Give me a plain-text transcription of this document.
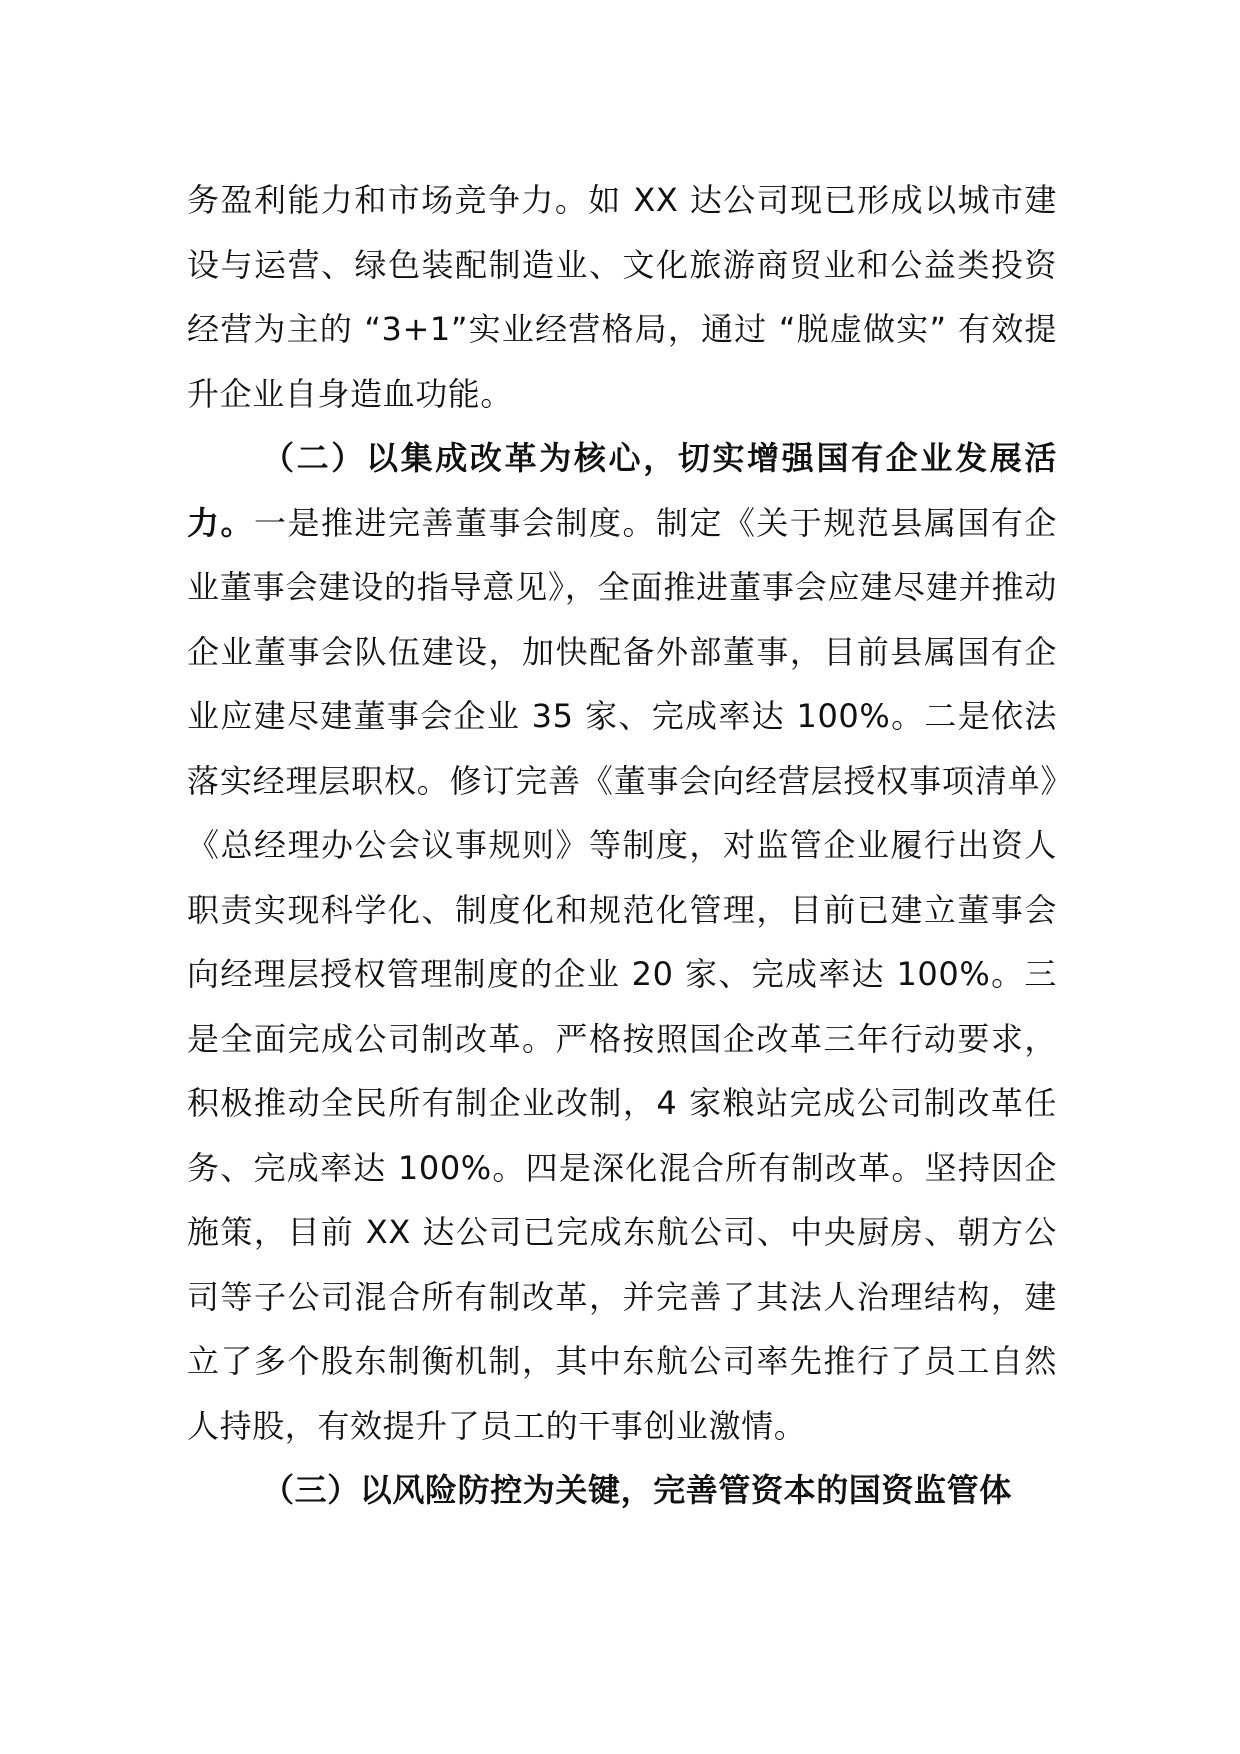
务盈利能力和市场竞争力。如 XX 达公司现已形成以城市建设与运营、绿色装配制造业、文化旅游商贸业和公益类投资经营为主的 “3+1”实业经营格局，通过 “脱虚做实” 有效提升企业自身造血功能。

（二）以集成改革为核心，切实增强国有企业发展活力。一是推进完善董事会制度。制定《关于规范县属国有企业董事会建设的指导意见》，全面推进董事会应建尽建并推动企业董事会队伍建设，加快配备外部董事，目前县属国有企业应建尽建董事会企业 35 家、完成率达 100%。二是依法落实经理层职权。修订完善《董事会向经营层授权事项清单》《总经理办公会议事规则》等制度，对监管企业履行出资人职责实现科学化、制度化和规范化管理，目前已建立董事会向经理层授权管理制度的企业 20 家、完成率达 100%。三是全面完成公司制改革。严格按照国企改革三年行动要求，积极推动全民所有制企业改制，4 家粮站完成公司制改革任务、完成率达 100%。四是深化混合所有制改革。坚持因企施策，目前 XX 达公司已完成东航公司、中央厨房、朝方公司等子公司混合所有制改革，并完善了其法人治理结构，建立了多个股东制衡机制，其中东航公司率先推行了员工自然人持股，有效提升了员工的干事创业激情。

（三）以风险防控为关键，完善管资本的国资监管体
